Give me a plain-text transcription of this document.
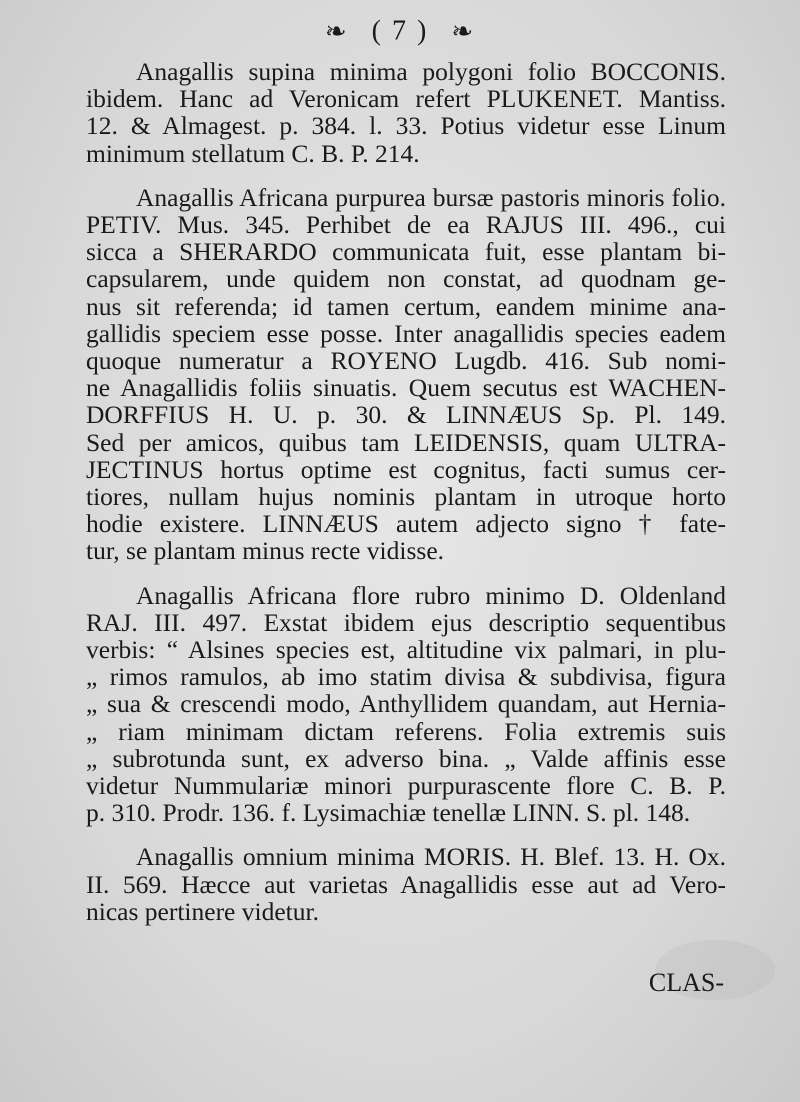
❧ ( 7 ) ❧
Anagallis supina minima polygoni folio BOCCONIS.
ibidem. Hanc ad Veronicam refert PLUKENET. Mantiss.
12. & Almagest. p. 384. l. 33. Potius videtur esse Linum
minimum stellatum C. B. P. 214.
Anagallis Africana purpurea bursæ pastoris minoris folio.
PETIV. Mus. 345. Perhibet de ea RAJUS III. 496., cui
sicca a SHERARDO communicata fuit, esse plantam bi-
capsularem, unde quidem non constat, ad quodnam ge-
nus sit referenda; id tamen certum, eandem minime ana-
gallidis speciem esse posse. Inter anagallidis species eadem
quoque numeratur a ROYENO Lugdb. 416. Sub nomi-
ne Anagallidis foliis sinuatis. Quem secutus est WACHEN-
DORFFIUS H. U. p. 30. & LINNÆUS Sp. Pl. 149.
Sed per amicos, quibus tam LEIDENSIS, quam ULTRA-
JECTINUS hortus optime est cognitus, facti sumus cer-
tiores, nullam hujus nominis plantam in utroque horto
hodie existere. LINNÆUS autem adjecto signo † fate-
tur, se plantam minus recte vidisse.
Anagallis Africana flore rubro minimo D. Oldenland
RAJ. III. 497. Exstat ibidem ejus descriptio sequentibus
verbis: “ Alsines species est, altitudine vix palmari, in plu-
„ rimos ramulos, ab imo statim divisa & subdivisa, figura
„ sua & crescendi modo, Anthyllidem quandam, aut Hernia-
„ riam minimam dictam referens. Folia extremis suis
„ subrotunda sunt, ex adverso bina. „ Valde affinis esse
videtur Nummulariæ minori purpurascente flore C. B. P.
p. 310. Prodr. 136. f. Lysimachiæ tenellæ LINN. S. pl. 148.
Anagallis omnium minima MORIS. H. Blef. 13. H. Ox.
II. 569. Hæcce aut varietas Anagallidis esse aut ad Vero-
nicas pertinere videtur.
CLAS-
